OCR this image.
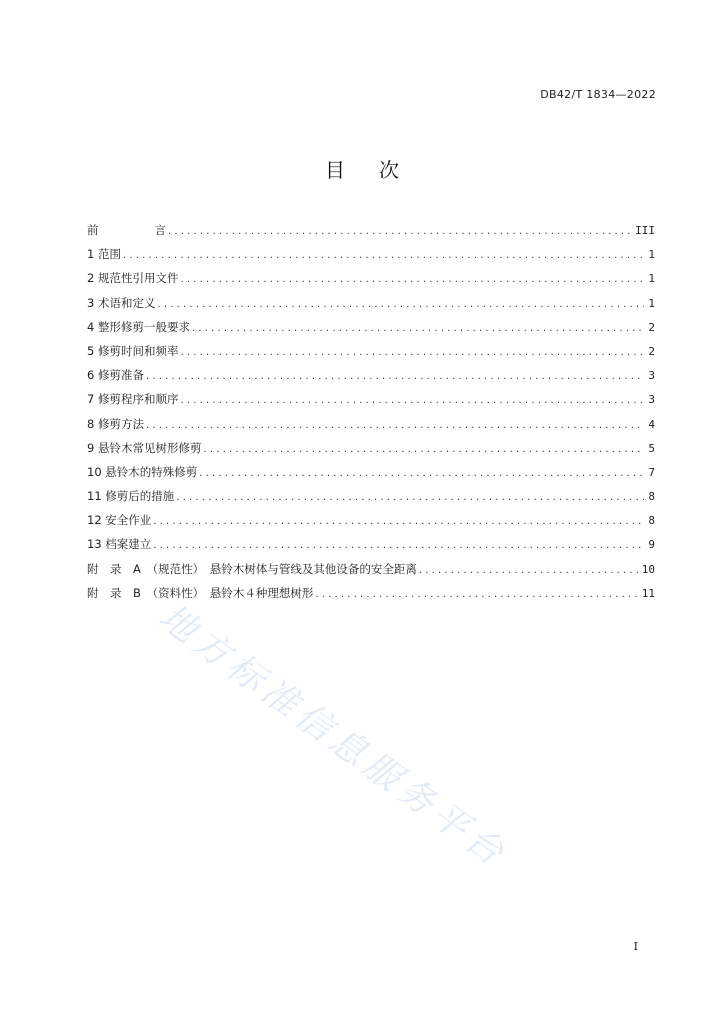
DB42/T 1834—2022
目次
前	言 .....	III
1 范围 .....	1
2 规范性引用文件 .....	1
3 术语和定义 .....	1
4 整形修剪一般要求 .....	2
5 修剪时间和频率 .....	2
6 修剪准备 .....	3
7 修剪程序和顺序 .....	3
8 修剪方法 .....	4
9 悬铃木常见树形修剪 .....	5
10 悬铃木的特殊修剪 .....	7
11 修剪后的措施 .....	8
12 安全作业 .....	8
13 档案建立 .....	9
附　录　A　（规范性）　悬铃木树体与管线及其他设备的安全距离 .....	10
附　录　B　（资料性）　悬铃木４种理想树形 .....	11
地方标准信息服务平台
I
